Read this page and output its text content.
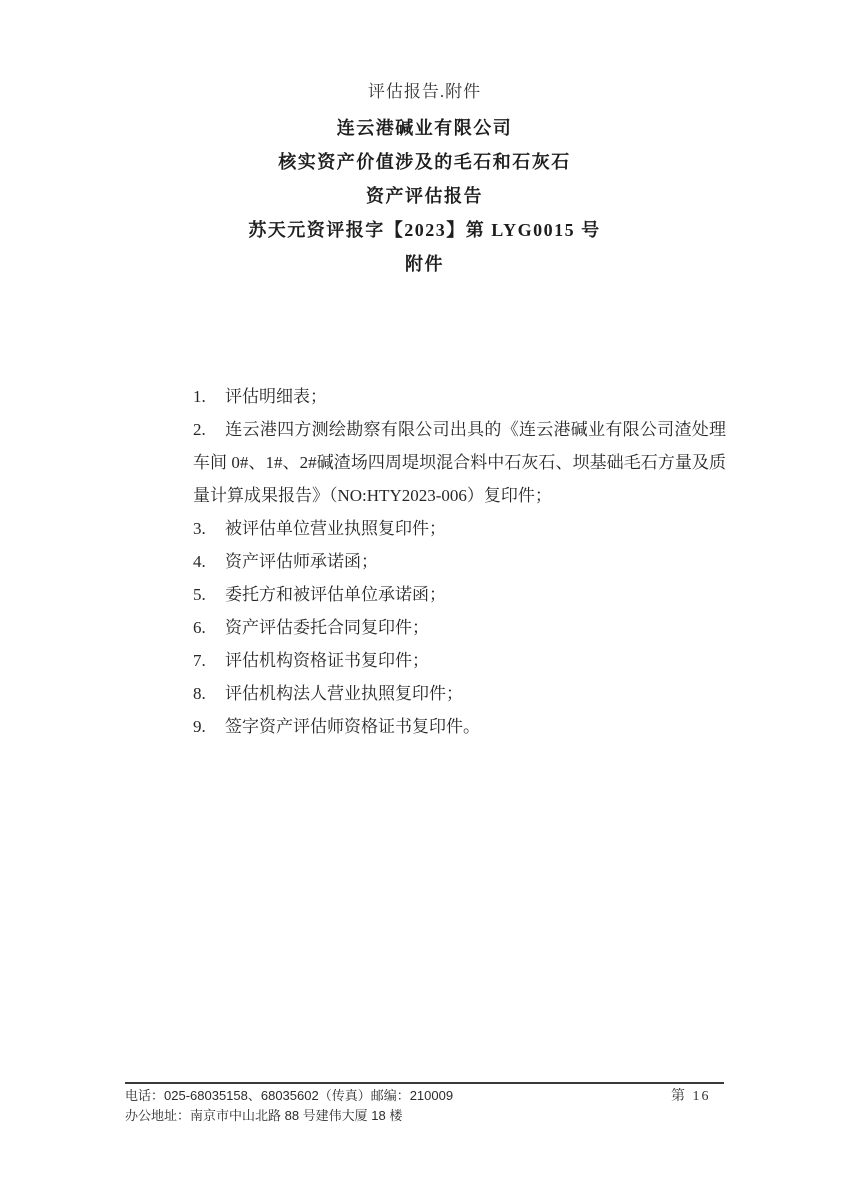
评估报告.附件
连云港碱业有限公司
核实资产价值涉及的毛石和石灰石
资产评估报告
苏天元资评报字【2023】第 LYG0015 号
附件
1. 评估明细表；
2. 连云港四方测绘勘察有限公司出具的《连云港碱业有限公司渣处理车间 0#、1#、2#碱渣场四周堤坝混合料中石灰石、坝基础毛石方量及质量计算成果报告》（NO:HTY2023-006）复印件；
3. 被评估单位营业执照复印件；
4. 资产评估师承诺函；
5. 委托方和被评估单位承诺函；
6. 资产评估委托合同复印件；
7. 评估机构资格证书复印件；
8. 评估机构法人营业执照复印件；
9. 签字资产评估师资格证书复印件。
电话：025-68035158、68035602（传真）邮编：210009
办公地址：南京市中山北路 88 号建伟大厦 18 楼
第 16
